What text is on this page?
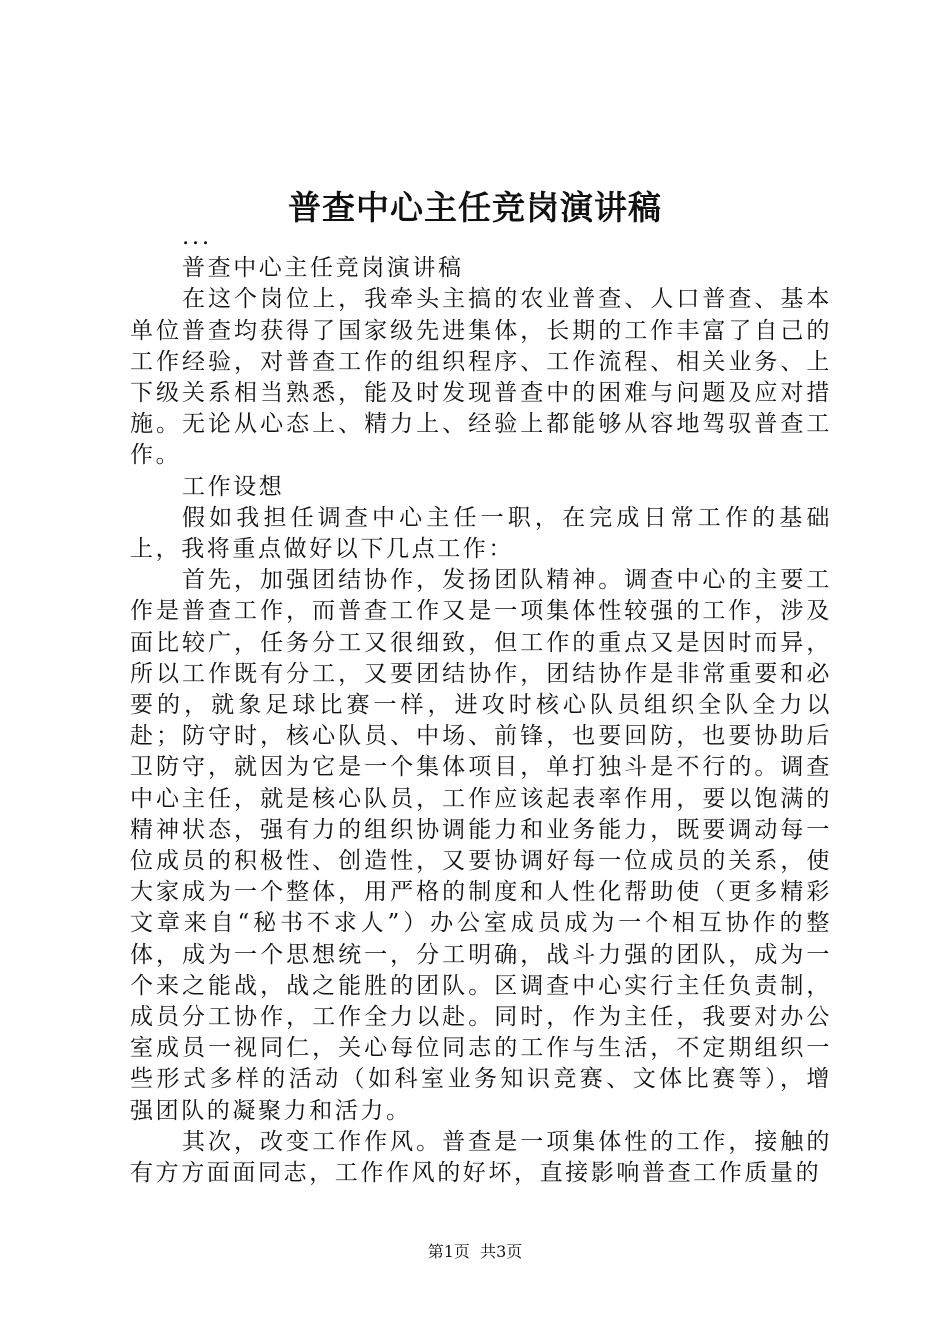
普查中心主任竞岗演讲稿

...

普查中心主任竞岗演讲稿

在这个岗位上，我牵头主搞的农业普查、人口普查、基本单位普查均获得了国家级先进集体，长期的工作丰富了自己的工作经验，对普查工作的组织程序、工作流程、相关业务、上下级关系相当熟悉，能及时发现普查中的困难与问题及应对措施。无论从心态上、精力上、经验上都能够从容地驾驭普查工作。

工作设想

假如我担任调查中心主任一职，在完成日常工作的基础上，我将重点做好以下几点工作：

首先，加强团结协作，发扬团队精神。调查中心的主要工作是普查工作，而普查工作又是一项集体性较强的工作，涉及面比较广，任务分工又很细致，但工作的重点又是因时而异，所以工作既有分工，又要团结协作，团结协作是非常重要和必要的，就象足球比赛一样，进攻时核心队员组织全队全力以赴；防守时，核心队员、中场、前锋，也要回防，也要协助后卫防守，就因为它是一个集体项目，单打独斗是不行的。调查中心主任，就是核心队员，工作应该起表率作用，要以饱满的精神状态，强有力的组织协调能力和业务能力，既要调动每一位成员的积极性、创造性，又要协调好每一位成员的关系，使大家成为一个整体，用严格的制度和人性化帮助使（更多精彩文章来自“秘书不求人”）办公室成员成为一个相互协作的整体，成为一个思想统一，分工明确，战斗力强的团队，成为一个来之能战，战之能胜的团队。区调查中心实行主任负责制，成员分工协作，工作全力以赴。同时，作为主任，我要对办公室成员一视同仁，关心每位同志的工作与生活，不定期组织一些形式多样的活动（如科室业务知识竞赛、文体比赛等），增强团队的凝聚力和活力。

其次，改变工作作风。普查是一项集体性的工作，接触的有方方面面同志，工作作风的好坏，直接影响普查工作质量的

第1页 共3页
